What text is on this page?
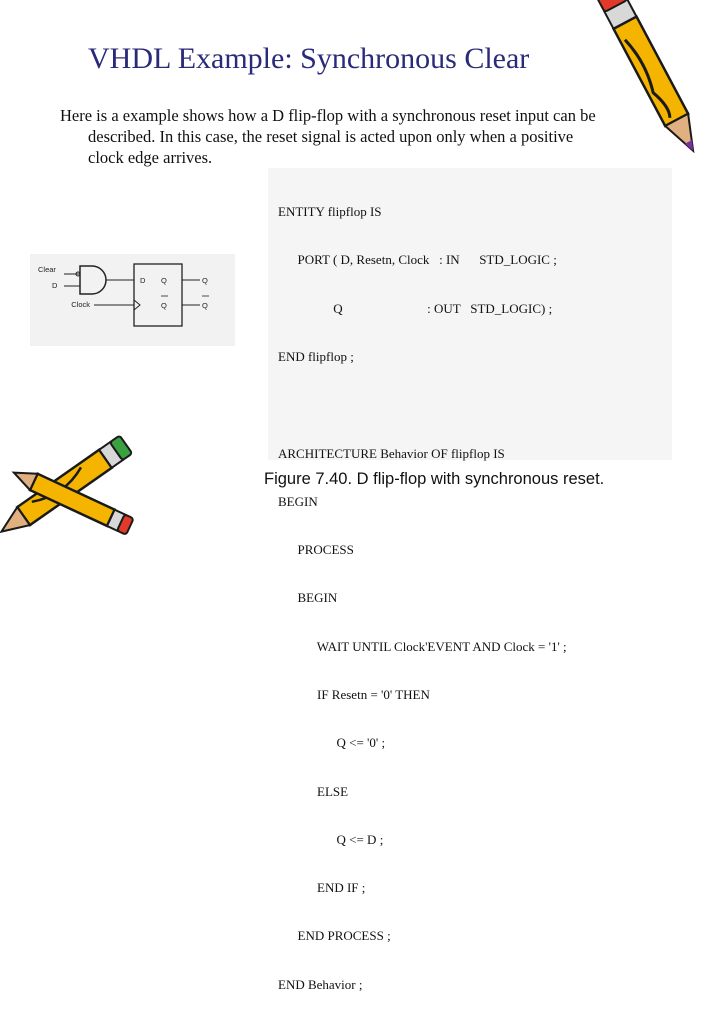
VHDL Example: Synchronous Clear
Here is a example shows how a D flip-flop with a synchronous reset input can be
described. In this case, the reset signal is acted upon only when a positive
clock edge arrives.
Clear
D
Clock
D Q
Q
Q
Q

ENTITY flipflop IS

PORT ( D, Resetn, Clock   : IN      STD_LOGIC ;

Q                          : OUT   STD_LOGIC) ;

END flipflop ;

ARCHITECTURE Behavior OF flipflop IS

BEGIN

PROCESS

BEGIN

WAIT UNTIL Clock'EVENT AND Clock = '1' ;

IF Resetn = '0' THEN

Q <= '0' ;

ELSE

Q <= D ;

END IF ;

END PROCESS ;

END Behavior ;

Figure 7.40. D flip-flop with synchronous reset.
